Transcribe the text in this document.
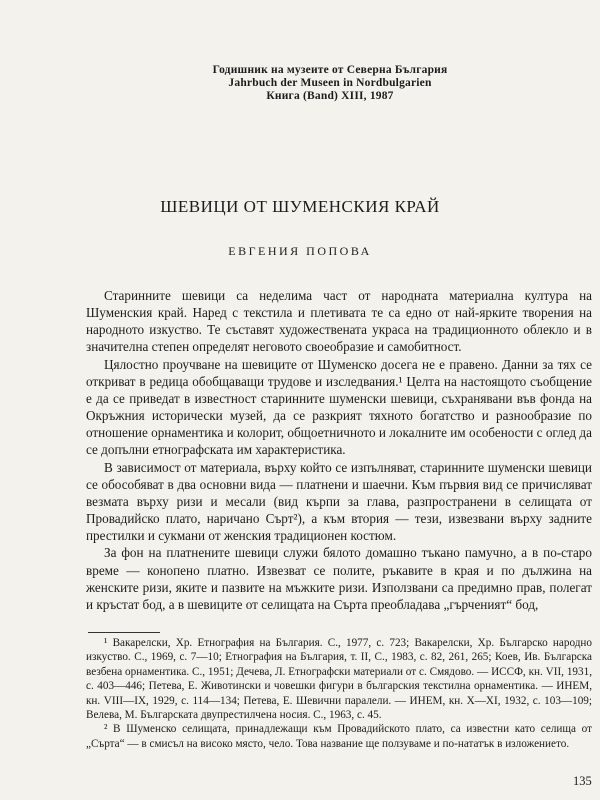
Годишник на музеите от Северна България
Jahrbuch der Museen in Nordbulgarien
Книга (Band) XIII, 1987
ШЕВИЦИ ОТ ШУМЕНСКИЯ КРАЙ
ЕВГЕНИЯ ПОПОВА

Старинните шевици са неделима част от народната материална култура на Шуменския край. Наред с текстила и плетивата те са едно от най-ярките творения на народното изкуство. Те съставят художествената украса на традиционното облекло и в значителна степен определят неговото своеобразие и самобитност.

Цялостно проучване на шевиците от Шуменско досега не е правено. Данни за тях се откриват в редица обобщаващи трудове и изследвания.¹ Целта на настоящото съобщение е да се приведат в известност старинните шуменски шевици, съхранявани във фонда на Окръжния исторически музей, да се разкрият тяхното богатство и разнообразие по отношение орнаментика и колорит, общоетничното и локалните им особености с оглед да се допълни етнографската им характеристика.

В зависимост от материала, върху който се изпълняват, старинните шуменски шевици се обособяват в два основни вида — платнени и шаечни. Към първия вид се причисляват везмата върху ризи и месали (вид кърпи за глава, разпространени в селищата от Провадийско плато, наричано Сърт²), а към втория — тези, извезвани върху задните престилки и сукмани от женския традиционен костюм.

За фон на платнените шевици служи бялото домашно тъкано памучно, а в по-старо време — конопено платно. Извезват се полите, ръкавите в края и по дължина на женските ризи, яките и пазвите на мъжките ризи. Използвани са предимно прав, полегат и кръстат бод, а в шевиците от селищата на Сърта преобладава „гърченият“ бод,

¹ Вакарелски, Хр. Етнография на България. С., 1977, с. 723; Вакарелски, Хр. Българско народно изкуство. С., 1969, с. 7—10; Етнография на България, т. II, С., 1983, с. 82, 261, 265; Коев, Ив. Българска везбена орнаментика. С., 1951; Дечева, Л. Етнографски материали от с. Смядово. — ИССФ, кн. VII, 1931, с. 403—446; Петева, Е. Животински и човешки фигури в българския текстилна орнаментика. — ИНЕМ, кн. VIII—IX, 1929, с. 114—134; Петева, Е. Шевични паралели. — ИНЕМ, кн. X—XI, 1932, с. 103—109; Велева, М. Българската двупрестилчена носия. С., 1963, с. 45.

² В Шуменско селищата, принадлежащи към Провадийското плато, са известни като селища от „Сърта“ — в смисъл на високо място, чело. Това название ще ползуваме и по-нататък в изложението.

135
